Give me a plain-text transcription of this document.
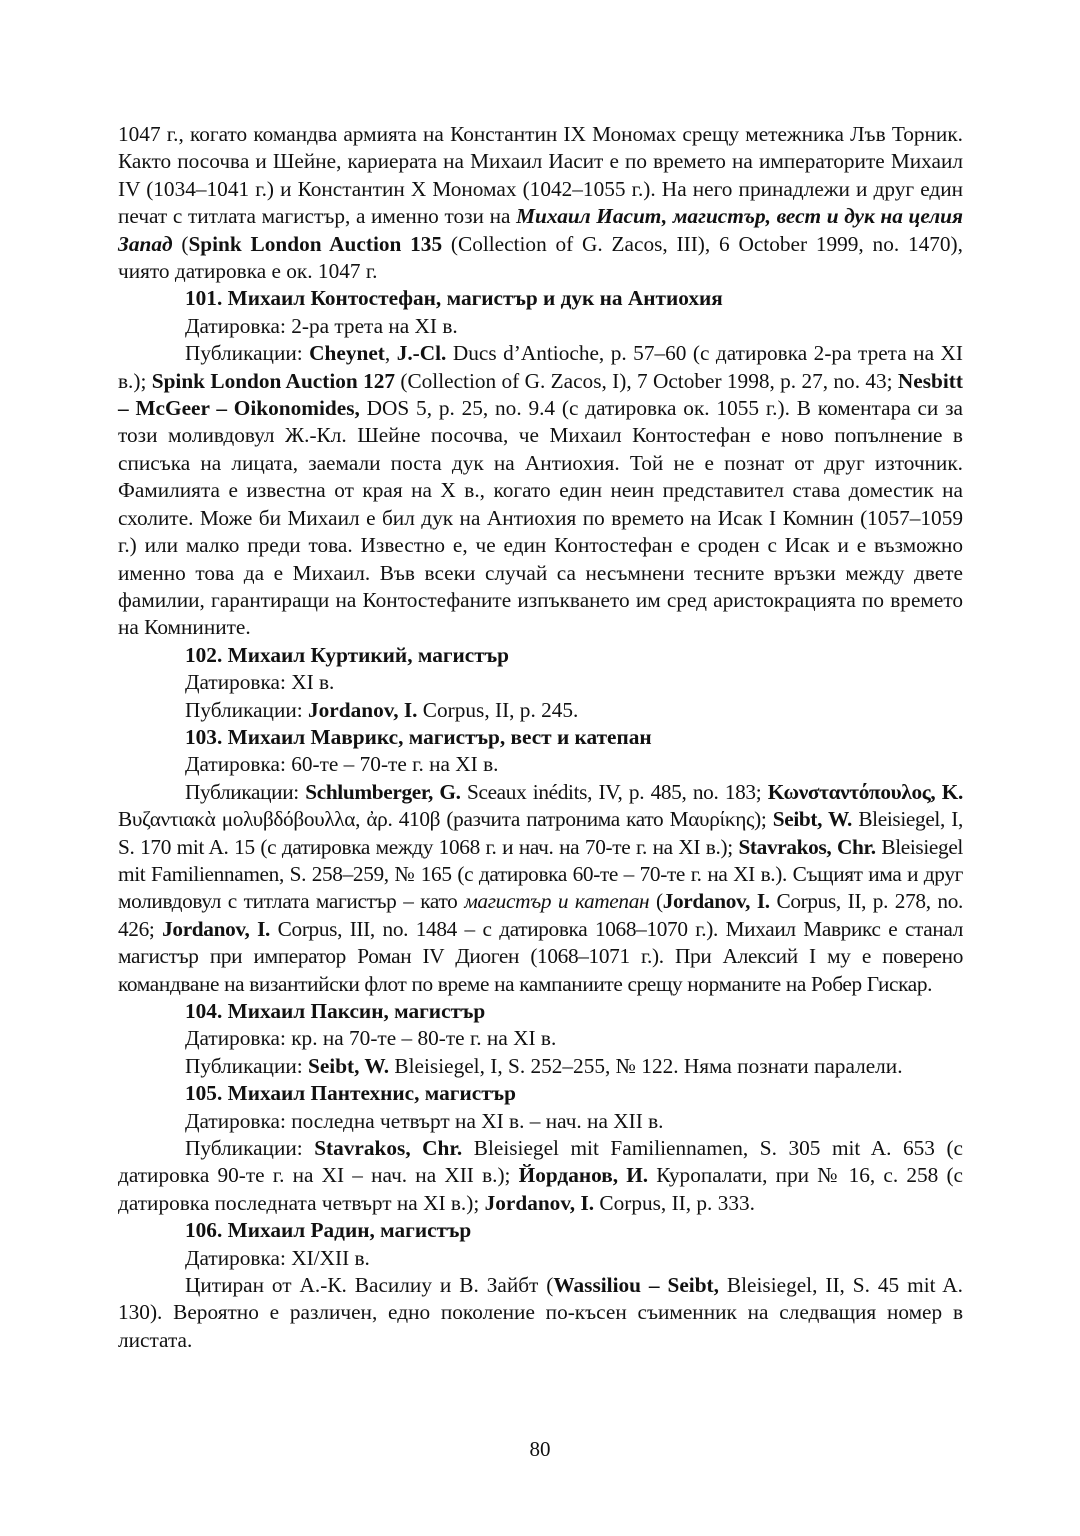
1047 г., когато командва армията на Константин IX Мономах срещу метежника Лъв Торник. Както посочва и Шейне, кариерата на Михаил Иасит е по времето на императорите Михаил IV (1034–1041 г.) и Константин X Мономах (1042–1055 г.). На него принадлежи и друг един печат с титлата магистър, а именно този на Михаил Иасит, магистър, вест и дук на целия Запад (Spink London Auction 135 (Collection of G. Zacos, III), 6 October 1999, no. 1470), чиято датировка е ок. 1047 г.

101. Михаил Контостефан, магистър и дук на Антиохия

Датировка: 2-ра трета на XI в.

Публикации: Cheynet, J.-Cl. Ducs d’Antioche, p. 57–60 (с датировка 2-ра трета на XI в.); Spink London Auction 127 (Collection of G. Zacos, I), 7 October 1998, p. 27, no. 43; Nesbitt – McGeer – Oikonomides, DOS 5, p. 25, no. 9.4 (с датировка ок. 1055 г.). В коментара си за този моливдовул Ж.-Кл. Шейне посочва, че Михаил Контостефан е ново попълнение в списъка на лицата, заемали поста дук на Антиохия. Той не е познат от друг източник. Фамилията е известна от края на X в., когато един неин представител става доместик на схолите. Може би Михаил е бил дук на Антиохия по времето на Исак I Комнин (1057–1059 г.) или малко преди това. Известно е, че един Контостефан е сроден с Исак и е възможно именно това да е Михаил. Във всеки случай са несъмнени тесните връзки между двете фамилии, гарантиращи на Контостефаните изпъкването им сред аристокрацията по времето на Комнините.

102. Михаил Куртикий, магистър

Датировка: XI в.

Публикации: Jordanov, I. Corpus, II, p. 245.

103. Михаил Маврикс, магистър, вест и катепан

Датировка: 60-те – 70-те г. на XI в.

Публикации: Schlumberger, G. Sceaux inédits, IV, p. 485, no. 183; Κωνσταντόπουλος, K. Βυζαντιακὰ μολυβδόβουλλα, ἀρ. 410β (разчита патронима като Μαυρίκης); Seibt, W. Bleisiegel, I, S. 170 mit A. 15 (с датировка между 1068 г. и нач. на 70-те г. на XI в.); Stavrakos, Chr. Bleisiegel mit Familiennamen, S. 258–259, № 165 (с датировка 60-те – 70-те г. на XI в.). Същият има и друг моливдовул с титлата магистър – като магистър и катепан (Jordanov, I. Corpus, II, p. 278, no. 426; Jordanov, I. Corpus, III, no. 1484 – с датировка 1068–1070 г.). Михаил Маврикс е станал магистър при император Роман IV Диоген (1068–1071 г.). При Алексий I му е поверено командване на византийски флот по време на кампаниите срещу норманите на Робер Гискар.

104. Михаил Паксин, магистър

Датировка: кр. на 70-те – 80-те г. на XI в.

Публикации: Seibt, W. Bleisiegel, I, S. 252–255, № 122. Няма познати паралели.

105. Михаил Пантехнис, магистър

Датировка: последна четвърт на XI в. – нач. на XII в.

Публикации: Stavrakos, Chr. Bleisiegel mit Familiennamen, S. 305 mit A. 653 (с датировка 90-те г. на XI – нач. на XII в.); Йорданов, И. Куропалати, при № 16, с. 258 (с датировка последната четвърт на XI в.); Jordanov, I. Corpus, II, p. 333.

106. Михаил Радин, магистър

Датировка: XI/XII в.

Цитиран от А.-К. Василиу и В. Зайбт (Wassiliou – Seibt, Bleisiegel, II, S. 45 mit A. 130). Вероятно е различен, едно поколение по-късен съименник на следващия номер в листата.

80
